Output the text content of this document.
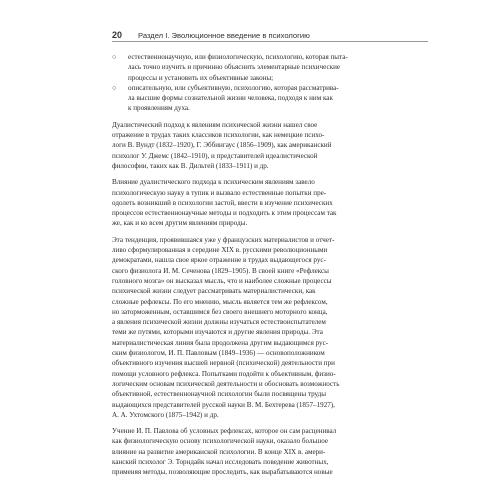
20 Раздел I. Эволюционное введение в психологию
○ естественнонаучную, или физиологическую, психологию, которая пыта-
лась точно изучить и причинно объяснить элементарные психические
процессы и установить их объективные законы;
○ описательную, или субъективную, психологию, которая рассматрива-
ла высшие формы сознательной жизни человека, подходя к ним как
к проявлениям духа.
Дуалистический подход к явлениям психической жизни нашел свое
отражение в трудах таких классиков психологии, как немецкие психо-
логи В. Вундт (1832–1920), Г. Эббингаус (1856–1909), как американский
психолог У. Джемс (1842–1910), и представителей идеалистической
философии, таких как В. Дильтей (1833–1911) и др.
Влияние дуалистического подхода к психическим явлениям завело
психологическую науку в тупик и вызвало естественные попытки пре-
одолеть возникший в психологии застой, ввести в изучение психических
процессов естественнонаучные методы и подходить к этим процессам так
же, как и ко всем другим явлениям природы.
Эта тенденция, проявившаяся уже у французских материалистов и отчет-
ливо сформулированная в середине XIX в. русскими революционными
демократами, нашла свое яркое отражение в трудах выдающегося рус-
ского физиолога И. М. Сеченова (1829–1905). В своей книге «Рефлексы
головного мозга» он высказал мысль, что и наиболее сложные процессы
психической жизни следует рассматривать материалистически, как
сложные рефлексы. По его мнению, мысль является тем же рефлексом,
но заторможенным, оставшимся без своего внешнего моторного конца,
а явления психической жизни должны изучаться естествоиспытателем
теми же путями, которыми изучаются и другие явления природы. Эта
материалистическая линия была продолжена другим выдающимся рус-
ским физиологом, И. П. Павловым (1849–1936) — основоположником
объективного изучения высшей нервной (психической) деятельности при
помощи условного рефлекса. Попытками подойти к объективным, физио-
логическим основам психической деятельности и обосновать возможность
объективной, естественнонаучной психологии были посвящены труды
выдающихся представителей русской науки В. М. Бехтерева (1857–1927),
А. А. Ухтомского (1875–1942) и др.
Учение И. П. Павлова об условных рефлексах, которое он сам расценивал
как физиологическую основу психологической науки, оказало большое
влияние на развитие американской психологии. В конце XIX в. амери-
канский психолог Э. Торндайк начал исследовать поведение животных,
применяя методы, позволяющие проследить, как вырабатываются новые
